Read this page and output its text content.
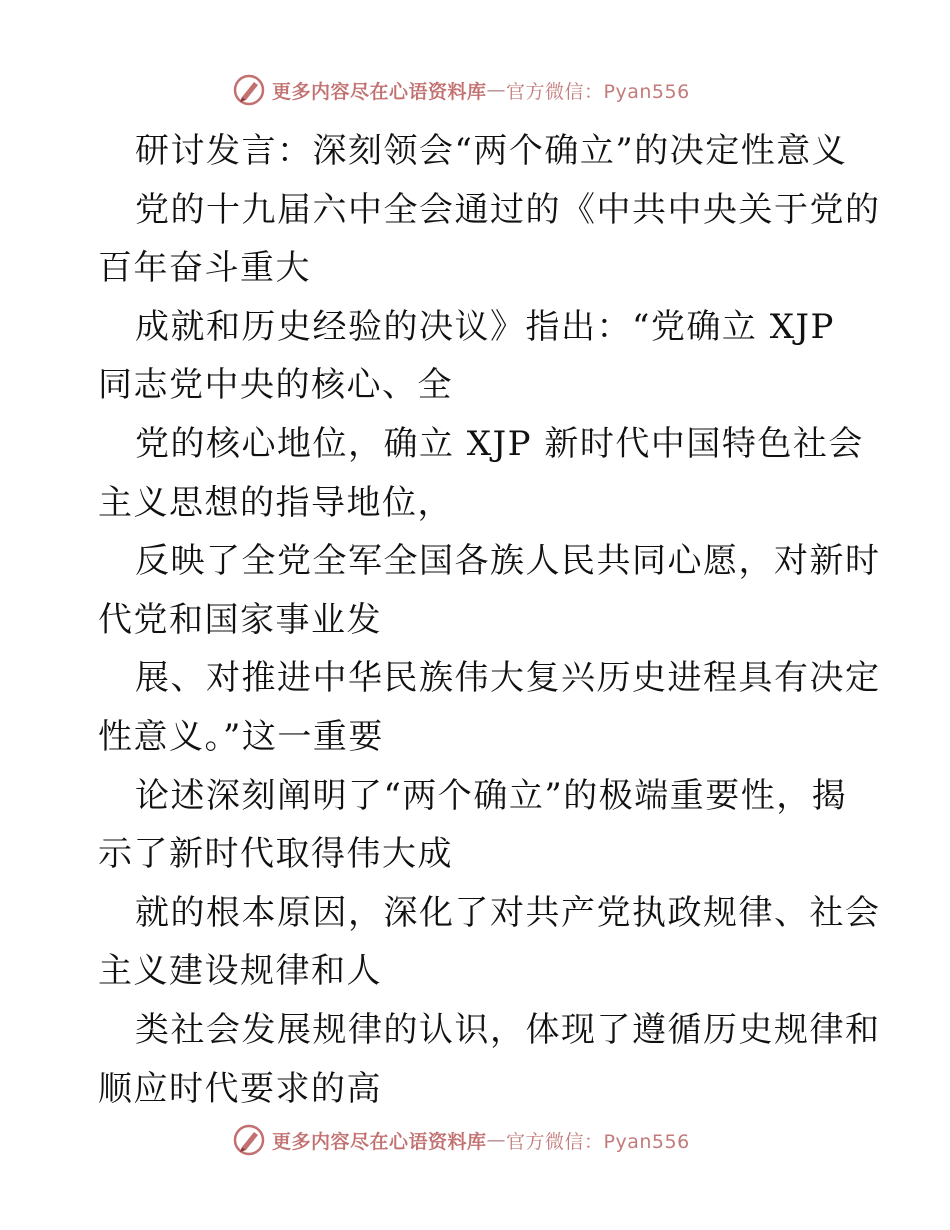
更多内容尽在心语资料库 — 官方微信：Pyan556
研讨发言：深刻领会“两个确立”的决定性意义
党的十九届六中全会通过的《中共中央关于党的
百年奋斗重大
成就和历史经验的决议》指出：“党确立 XJP
同志党中央的核心、全
党的核心地位，确立 XJP 新时代中国特色社会
主义思想的指导地位，
反映了全党全军全国各族人民共同心愿，对新时
代党和国家事业发
展、对推进中华民族伟大复兴历史进程具有决定
性意义。”这一重要
论述深刻阐明了“两个确立”的极端重要性，揭
示了新时代取得伟大成
就的根本原因，深化了对共产党执政规律、社会
主义建设规律和人
类社会发展规律的认识，体现了遵循历史规律和
顺应时代要求的高
更多内容尽在心语资料库 — 官方微信：Pyan556
